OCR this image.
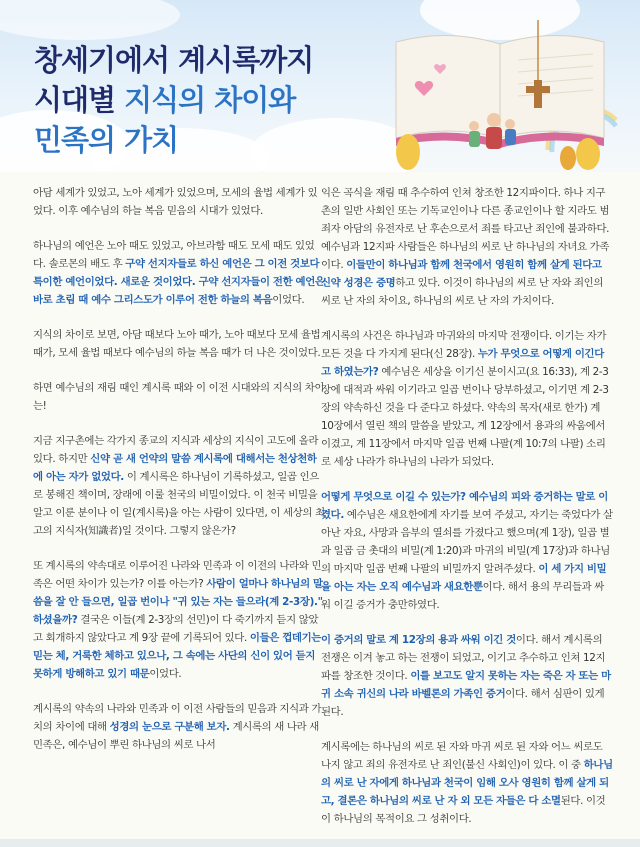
창세기에서 계시록까지
시대별 지식의 차이와
민족의 가치

아담 세계가 있었고, 노아 세계가 있었으며, 모세의 율법 세계가 있었다. 이후 예수님의 하늘 복음 믿음의 시대가 있었다.

하나님의 예언은 노아 때도 있었고, 아브라함 때도 모세 때도 있었다. 솔로몬의 배도 후 구약 선지자들로 하신 예언은 그 이전 것보다 특이한 예언이었다. 새로운 것이었다. 구약 선지자들이 전한 예언은 바로 초림 때 예수 그리스도가 이루어 전한 하늘의 복음이었다.

지식의 차이로 보면, 아담 때보다 노아 때가, 노아 때보다 모세 율법 때가, 모세 율법 때보다 예수님의 하늘 복음 때가 더 나은 것이었다.

하면 예수님의 재림 때인 계시록 때와 이 이전 시대와의 지식의 차이는!

지금 지구촌에는 각가지 종교의 지식과 세상의 지식이 고도에 올라 있다. 하지만 신약 곧 새 언약의 말씀 계시록에 대해서는 천상천하에 아는 자가 없었다. 이 계시록은 하나님이 기록하셨고, 일곱 인으로 봉해진 책이며, 장래에 이룰 천국의 비밀이었다. 이 천국 비밀을 알고 이룬 분이나 이 일(계시록)을 아는 사람이 있다면, 이 세상의 최고의 지식자(知識者)일 것이다. 그렇지 않은가?

또 계시록의 약속대로 이루어진 나라와 민족과 이 이전의 나라와 민족은 어떤 차이가 있는가? 이를 아는가? 사람이 얼마나 하나님의 말씀을 잘 안 들으면, 일곱 번이나 "귀 있는 자는 들으라(계 2-3장)." 하셨을까? 결국은 이들(계 2-3장의 선민)이 다 죽기까지 듣지 않았고 회개하지 않았다고 계 9장 끝에 기록되어 있다. 이들은 껍데기는 믿는 체, 거룩한 체하고 있으나, 그 속에는 사단의 신이 있어 듣지 못하게 방해하고 있기 때문이었다.

계시록의 약속의 나라와 민족과 이 이전 사람들의 믿음과 지식과 가치의 차이에 대해 성경의 눈으로 구분해 보자. 계시록의 새 나라 새 민족은, 예수님이 뿌린 하나님의 씨로 나서

익은 곡식을 재림 때 추수하여 인쳐 창조한 12지파이다. 하나 지구촌의 일반 사회인 또는 기독교인이나 다른 종교인이나 할 지라도 범죄자 아담의 유전자로 난 후손으로서 죄를 타고난 죄인에 불과하다. 예수님과 12지파 사람들은 하나님의 씨로 난 하나님의 자녀요 가족이다. 이들만이 하나님과 함께 천국에서 영원히 함께 살게 된다고 신약 성경은 증명하고 있다. 이것이 하나님의 씨로 난 자와 죄인의 씨로 난 자의 차이요, 하나님의 씨로 난 자의 가치이다.

계시록의 사건은 하나님과 마귀와의 마지막 전쟁이다. 이기는 자가 모든 것을 다 가지게 된다(신 28장). 누가 무엇으로 어떻게 이긴다고 하였는가? 예수님은 세상을 이기신 분이시고(요 16:33), 계 2-3장에 대적과 싸워 이기라고 일곱 번이나 당부하셨고, 이기면 계 2-3장의 약속하신 것을 다 준다고 하셨다. 약속의 목자(새로 한가) 계 10장에서 열린 책의 말씀을 받았고, 계 12장에서 용과의 싸움에서 이겼고, 계 11장에서 마지막 일곱 번째 나팔(계 10:7의 나팔) 소리로 세상 나라가 하나님의 나라가 되었다.

어떻게 무엇으로 이길 수 있는가? 예수님의 피와 증거하는 말로 이겼다. 예수님은 새요한에게 자기를 보여 주셨고, 자기는 죽었다가 살아난 자요, 사망과 음부의 열쇠를 가졌다고 했으며(계 1장), 일곱 별과 일곱 금 촛대의 비밀(계 1:20)과 마귀의 비밀(계 17장)과 하나님의 마지막 일곱 번째 나팔의 비밀까지 알려주셨다. 이 세 가지 비밀을 아는 자는 오직 예수님과 새요한뿐이다. 해서 용의 무리들과 싸워 이길 증거가 충만하였다.

이 증거의 말로 계 12장의 용과 싸워 이긴 것이다. 해서 계시록의 전쟁은 이겨 놓고 하는 전쟁이 되었고, 이기고 추수하고 인쳐 12지파를 창조한 것이다. 이를 보고도 알지 못하는 자는 죽은 자 또는 마귀 소속 귀신의 나라 바벨론의 가족인 증거이다. 해서 심판이 있게 된다.

계시록에는 하나님의 씨로 된 자와 마귀 씨로 된 자와 어느 씨로도 나지 않고 죄의 유전자로 난 죄인(불신 사회인)이 있다. 이 중 하나님의 씨로 난 자에게 하나님과 천국이 임해 오사 영원히 함께 살게 되고, 결론은 하나님의 씨로 난 자 외 모든 자들은 다 소멸된다. 이것이 하나님의 목적이요 그 성취이다.
